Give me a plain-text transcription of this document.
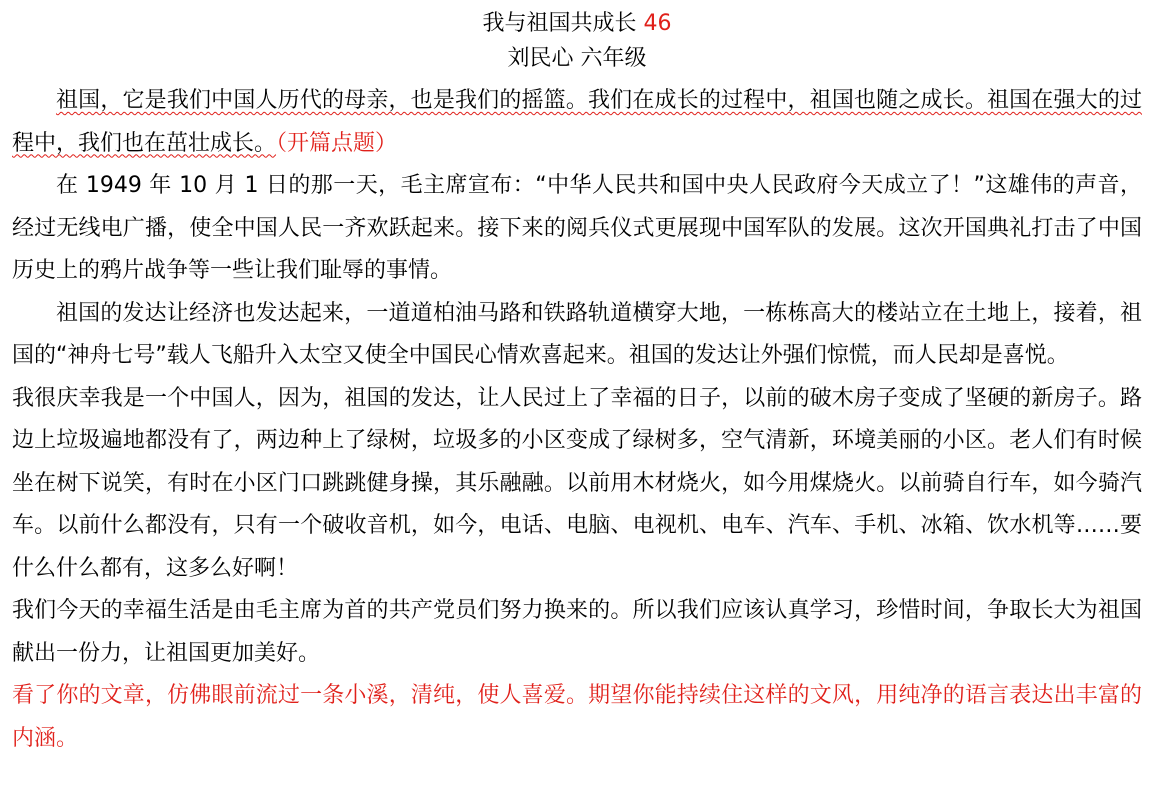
我与祖国共成长 46
刘民心 六年级

祖国，它是我们中国人历代的母亲，也是我们的摇篮。我们在成长的过程中，祖国也随之成长。祖国在强大的过程中，我们也在茁壮成长。（开篇点题）

在 1949 年 10 月 1 日的那一天，毛主席宣布：“中华人民共和国中央人民政府今天成立了！”这雄伟的声音，经过无线电广播，使全中国人民一齐欢跃起来。接下来的阅兵仪式更展现中国军队的发展。这次开国典礼打击了中国历史上的鸦片战争等一些让我们耻辱的事情。

祖国的发达让经济也发达起来，一道道柏油马路和铁路轨道横穿大地，一栋栋高大的楼站立在土地上，接着，祖国的“神舟七号”载人飞船升入太空又使全中国民心情欢喜起来。祖国的发达让外强们惊慌，而人民却是喜悦。

我很庆幸我是一个中国人，因为，祖国的发达，让人民过上了幸福的日子，以前的破木房子变成了坚硬的新房子。路边上垃圾遍地都没有了，两边种上了绿树，垃圾多的小区变成了绿树多，空气清新，环境美丽的小区。老人们有时候坐在树下说笑，有时在小区门口跳跳健身操，其乐融融。以前用木材烧火，如今用煤烧火。以前骑自行车，如今骑汽车。以前什么都没有，只有一个破收音机，如今，电话、电脑、电视机、电车、汽车、手机、冰箱、饮水机等……要什么什么都有，这多么好啊！

我们今天的幸福生活是由毛主席为首的共产党员们努力换来的。所以我们应该认真学习，珍惜时间，争取长大为祖国献出一份力，让祖国更加美好。

看了你的文章，仿佛眼前流过一条小溪，清纯，使人喜爱。期望你能持续住这样的文风，用纯净的语言表达出丰富的内涵。
